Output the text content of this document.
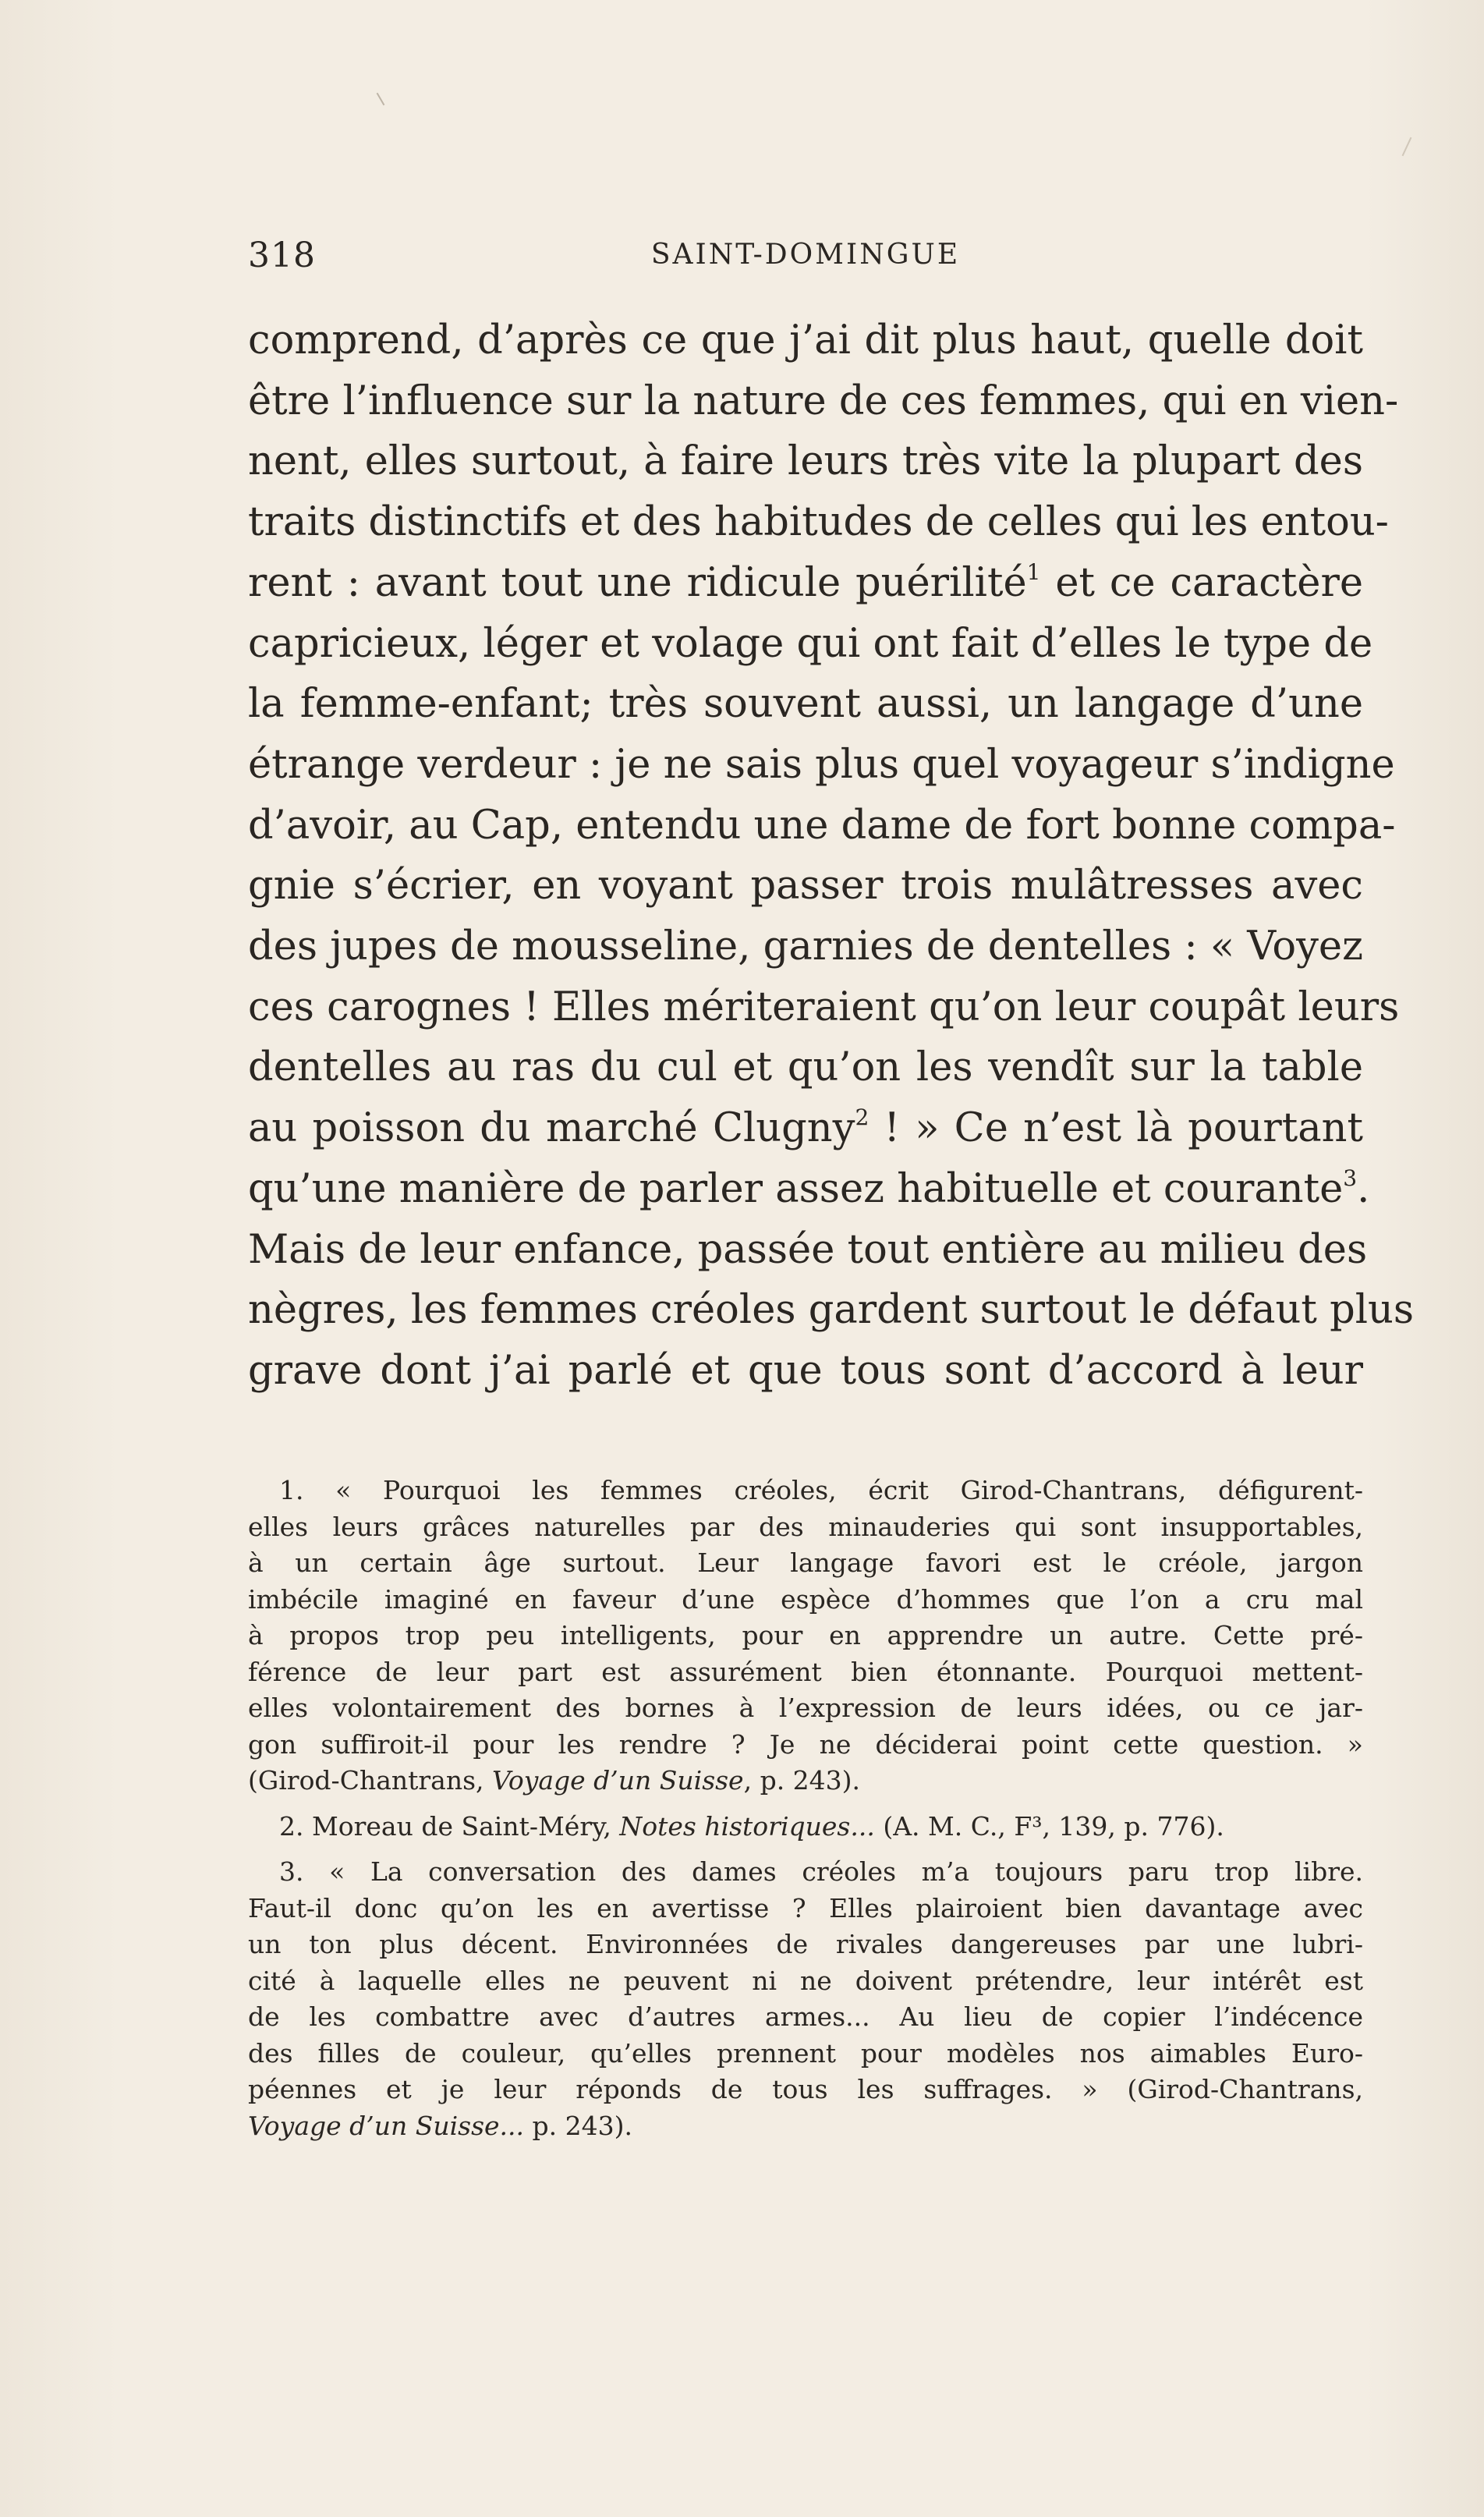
318	SAINT-DOMINGUE
comprend, d’après ce que j’ai dit plus haut, quelle doit
être l’influence sur la nature de ces femmes, qui en vien-
nent, elles surtout, à faire leurs très vite la plupart des
traits distinctifs et des habitudes de celles qui les entou-
rent : avant tout une ridicule puérilité$^1$ et ce caractère
capricieux, léger et volage qui ont fait d’elles le type de
la femme-enfant; très souvent aussi, un langage d’une
étrange verdeur : je ne sais plus quel voyageur s’indigne
d’avoir, au Cap, entendu une dame de fort bonne compa-
gnie s’écrier, en voyant passer trois mulâtresses avec
des jupes de mousseline, garnies de dentelles : « Voyez
ces carognes ! Elles mériteraient qu’on leur coupât leurs
dentelles au ras du cul et qu’on les vendît sur la table
au poisson du marché Clugny$^2$ ! » Ce n’est là pourtant
qu’une manière de parler assez habituelle et courante$^3$.
Mais de leur enfance, passée tout entière au milieu des
nègres, les femmes créoles gardent surtout le défaut plus
grave dont j’ai parlé et que tous sont d’accord à leur
1. « Pourquoi les femmes créoles, écrit Girod-Chantrans, défigurent-
elles leurs grâces naturelles par des minauderies qui sont insupportables,
à un certain âge surtout. Leur langage favori est le créole, jargon
imbécile imaginé en faveur d’une espèce d’hommes que l’on a cru mal
à propos trop peu intelligents, pour en apprendre un autre. Cette pré-
férence de leur part est assurément bien étonnante. Pourquoi mettent-
elles volontairement des bornes à l’expression de leurs idées, ou ce jar-
gon suffiroit-il pour les rendre ? Je ne déciderai point cette question. »
(Girod-Chantrans, Voyage d’un Suisse, p. 243).
2. Moreau de Saint-Méry, Notes historiques... (A. M. C., F³, 139, p. 776).
3. « La conversation des dames créoles m’a toujours paru trop libre.
Faut-il donc qu’on les en avertisse ? Elles plairoient bien davantage avec
un ton plus décent. Environnées de rivales dangereuses par une lubri-
cité à laquelle elles ne peuvent ni ne doivent prétendre, leur intérêt est
de les combattre avec d’autres armes... Au lieu de copier l’indécence
des filles de couleur, qu’elles prennent pour modèles nos aimables Euro-
péennes et je leur réponds de tous les suffrages. » (Girod-Chantrans,
Voyage d’un Suisse... p. 243).
